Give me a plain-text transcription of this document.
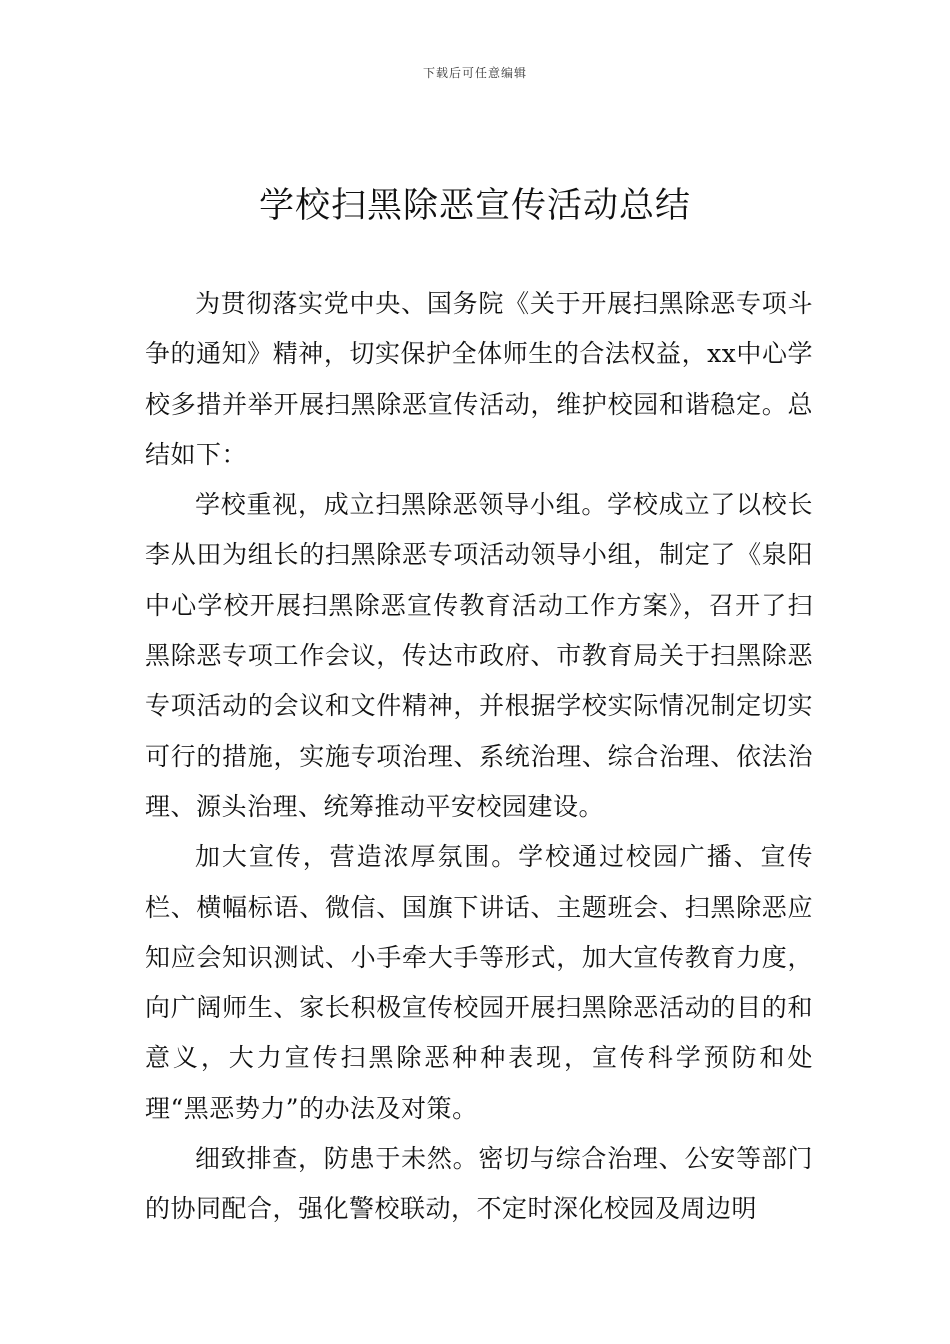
下载后可任意编辑
学校扫黑除恶宣传活动总结

为贯彻落实党中央、国务院《关于开展扫黑除恶专项斗争的通知》精神，切实保护全体师生的合法权益，xx中心学校多措并举开展扫黑除恶宣传活动，维护校园和谐稳定。总结如下：

学校重视，成立扫黑除恶领导小组。学校成立了以校长李从田为组长的扫黑除恶专项活动领导小组，制定了《泉阳中心学校开展扫黑除恶宣传教育活动工作方案》，召开了扫黑除恶专项工作会议，传达市政府、市教育局关于扫黑除恶专项活动的会议和文件精神，并根据学校实际情况制定切实可行的措施，实施专项治理、系统治理、综合治理、依法治理、源头治理、统筹推动平安校园建设。

加大宣传，营造浓厚氛围。学校通过校园广播、宣传栏、横幅标语、微信、国旗下讲话、主题班会、扫黑除恶应知应会知识测试、小手牵大手等形式，加大宣传教育力度，向广阔师生、家长积极宣传校园开展扫黑除恶活动的目的和意义，大力宣传扫黑除恶种种表现，宣传科学预防和处理“黑恶势力”的办法及对策。

细致排查，防患于未然。密切与综合治理、公安等部门的协同配合，强化警校联动，不定时深化校园及周边明
